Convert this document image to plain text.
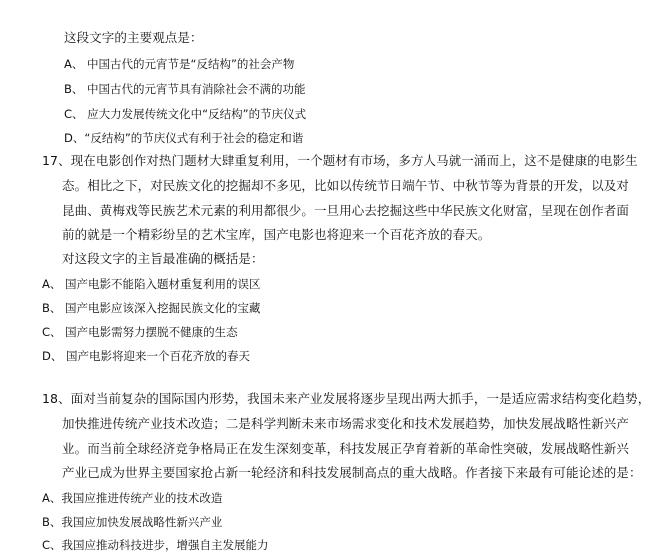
这段文字的主要观点是：
A、 中国古代的元宵节是“反结构”的社会产物
B、 中国古代的元宵节具有消除社会不满的功能
C、 应大力发展传统文化中“反结构”的节庆仪式
D、“反结构”的节庆仪式有利于社会的稳定和谐
17、现在电影创作对热门题材大肆重复利用，一个题材有市场，多方人马就一涌而上，这不是健康的电影生
态。相比之下，对民族文化的挖掘却不多见，比如以传统节日端午节、中秋节等为背景的开发，以及对
昆曲、黄梅戏等民族艺术元素的利用都很少。一旦用心去挖掘这些中华民族文化财富，呈现在创作者面
前的就是一个精彩纷呈的艺术宝库，国产电影也将迎来一个百花齐放的春天。
对这段文字的主旨最准确的概括是：
A、 国产电影不能陷入题材重复利用的误区
B、 国产电影应该深入挖掘民族文化的宝藏
C、 国产电影需努力摆脱不健康的生态
D、 国产电影将迎来一个百花齐放的春天
18、面对当前复杂的国际国内形势，我国未来产业发展将逐步呈现出两大抓手，一是适应需求结构变化趋势，
加快推进传统产业技术改造；二是科学判断未来市场需求变化和技术发展趋势，加快发展战略性新兴产
业。而当前全球经济竞争格局正在发生深刻变革，科技发展正孕育着新的革命性突破，发展战略性新兴
产业已成为世界主要国家抢占新一轮经济和科技发展制高点的重大战略。作者接下来最有可能论述的是：
A、我国应推进传统产业的技术改造
B、我国应加快发展战略性新兴产业
C、我国应推动科技进步，增强自主发展能力
